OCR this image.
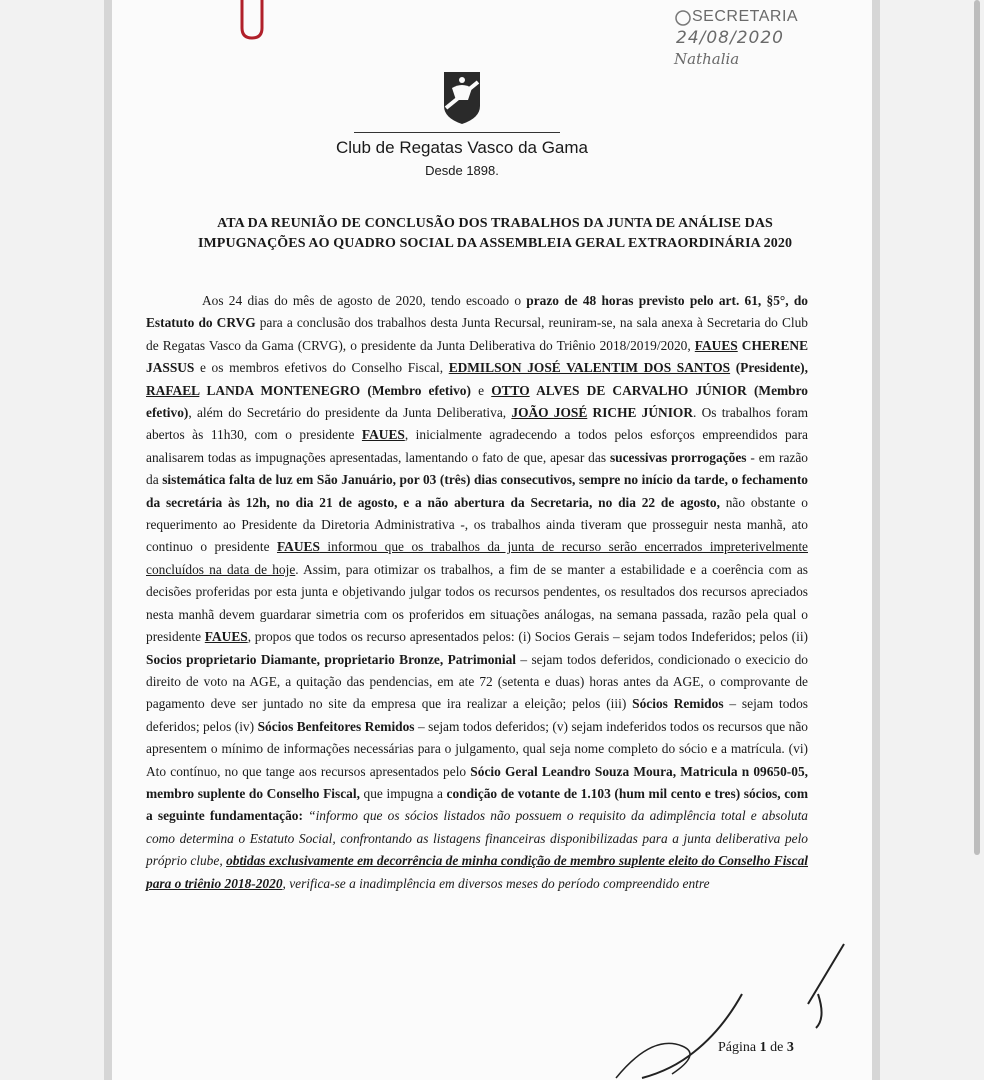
SECRETARIA
24/08/2020
Nathalia
Club de Regatas Vasco da Gama
Desde 1898.
ATA DA REUNIÃO DE CONCLUSÃO DOS TRABALHOS DA JUNTA DE ANÁLISE DAS
IMPUGNAÇÕES AO QUADRO SOCIAL DA ASSEMBLEIA GERAL EXTRAORDINÁRIA 2020
Aos 24 dias do mês de agosto de 2020, tendo escoado o prazo de 48 horas previsto pelo art. 61, §5°, do Estatuto do CRVG para a conclusão dos trabalhos desta Junta Recursal, reuniram-se, na sala anexa à Secretaria do Club de Regatas Vasco da Gama (CRVG), o presidente da Junta Deliberativa do Triênio 2018/2019/2020, FAUES CHERENE JASSUS e os membros efetivos do Conselho Fiscal, EDMILSON JOSÉ VALENTIM DOS SANTOS (Presidente), RAFAEL LANDA MONTENEGRO (Membro efetivo) e OTTO ALVES DE CARVALHO JÚNIOR (Membro efetivo), além do Secretário do presidente da Junta Deliberativa, JOÃO JOSÉ RICHE JÚNIOR. Os trabalhos foram abertos às 11h30, com o presidente FAUES, inicialmente agradecendo a todos pelos esforços empreendidos para analisarem todas as impugnações apresentadas, lamentando o fato de que, apesar das sucessivas prorrogações - em razão da sistemática falta de luz em São Januário, por 03 (três) dias consecutivos, sempre no início da tarde, o fechamento da secretária às 12h, no dia 21 de agosto, e a não abertura da Secretaria, no dia 22 de agosto, não obstante o requerimento ao Presidente da Diretoria Administrativa -, os trabalhos ainda tiveram que prosseguir nesta manhã, ato continuo o presidente FAUES informou que os trabalhos da junta de recurso serão encerrados impreterivelmente concluídos na data de hoje. Assim, para otimizar os trabalhos, a fim de se manter a estabilidade e a coerência com as decisões proferidas por esta junta e objetivando julgar todos os recursos pendentes, os resultados dos recursos apreciados nesta manhã devem guardarar simetria com os proferidos em situações análogas, na semana passada, razão pela qual o presidente FAUES, propos que todos os recurso apresentados pelos: (i) Socios Gerais – sejam todos Indeferidos; pelos (ii) Socios proprietario Diamante, proprietario Bronze, Patrimonial – sejam todos deferidos, condicionado o execicio do direito de voto na AGE, a quitação das pendencias, em ate 72 (setenta e duas) horas antes da AGE, o comprovante de pagamento deve ser juntado no site da empresa que ira realizar a eleição; pelos (iii) Sócios Remidos – sejam todos deferidos; pelos (iv) Sócios Benfeitores Remidos – sejam todos deferidos; (v) sejam indeferidos todos os recursos que não apresentem o mínimo de informações necessárias para o julgamento, qual seja nome completo do sócio e a matrícula. (vi) Ato contínuo, no que tange aos recursos apresentados pelo Sócio Geral Leandro Souza Moura, Matricula n 09650-05, membro suplente do Conselho Fiscal, que impugna a condição de votante de 1.103 (hum mil cento e tres) sócios, com a seguinte fundamentação: “informo que os sócios listados não possuem o requisito da adimplência total e absoluta como determina o Estatuto Social, confrontando as listagens financeiras disponibilizadas para a junta deliberativa pelo próprio clube, obtidas exclusivamente em decorrência de minha condição de membro suplente eleito do Conselho Fiscal para o triênio 2018-2020, verifica-se a inadimplência em diversos meses do período compreendido entre
Página 1 de 3
